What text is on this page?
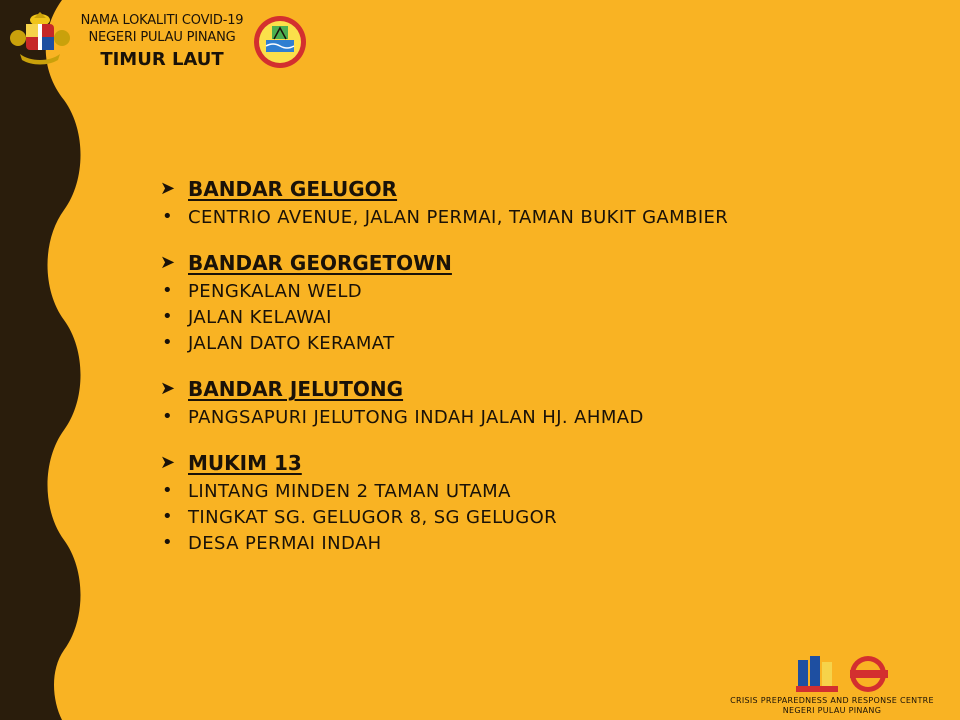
NAMA LOKALITI COVID-19
NEGERI PULAU PINANG
TIMUR LAUT
➤ BANDAR GELUGOR
• CENTRIO AVENUE, JALAN PERMAI, TAMAN BUKIT GAMBIER
➤ BANDAR GEORGETOWN
• PENGKALAN WELD
• JALAN KELAWAI
• JALAN DATO KERAMAT
➤ BANDAR JELUTONG
• PANGSAPURI JELUTONG INDAH JALAN HJ. AHMAD
➤ MUKIM 13
• LINTANG MINDEN 2 TAMAN UTAMA
• TINGKAT SG. GELUGOR 8, SG GELUGOR
• DESA PERMAI INDAH
CRISIS PREPAREDNESS AND RESPONSE CENTRE
NEGERI PULAU PINANG
